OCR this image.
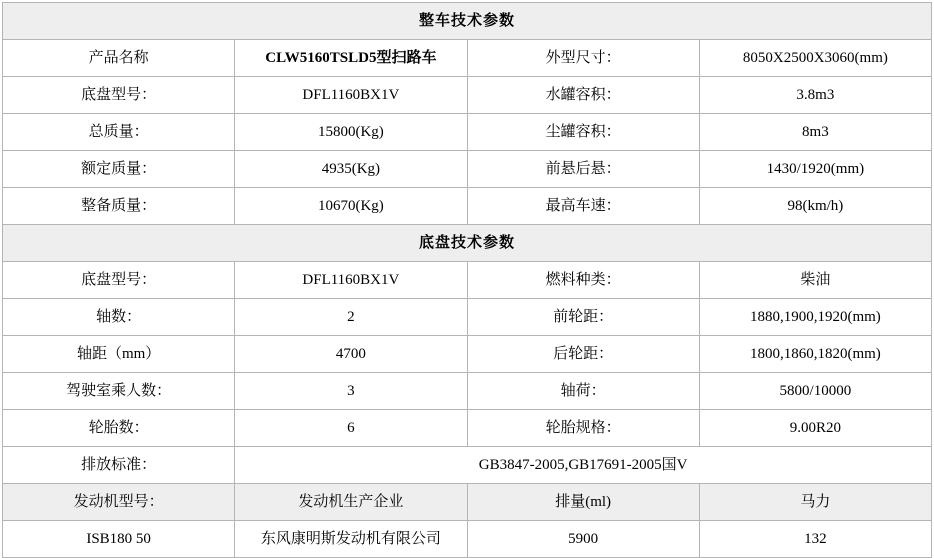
整车技术参数			
产品名称	CLW5160TSLD5型扫路车	外型尺寸：	8050X2500X3060(mm)
底盘型号：	DFL1160BX1V	水罐容积：	3.8m3
总质量：	15800(Kg)	尘罐容积：	8m3
额定质量：	4935(Kg)	前悬后悬：	1430/1920(mm)
整备质量：	10670(Kg)	最高车速：	98(km/h)
底盘技术参数			
底盘型号：	DFL1160BX1V	燃料种类：	柴油
轴数：	2	前轮距：	1880,1900,1920(mm)
轴距（mm）	4700	后轮距：	1800,1860,1820(mm)
驾驶室乘人数：	3	轴荷：	5800/10000
轮胎数：	6	轮胎规格：	9.00R20
排放标准：	GB3847-2005,GB17691-2005国V		
发动机型号：	发动机生产企业	排量(ml)	马力
ISB180 50	东风康明斯发动机有限公司	5900	132
